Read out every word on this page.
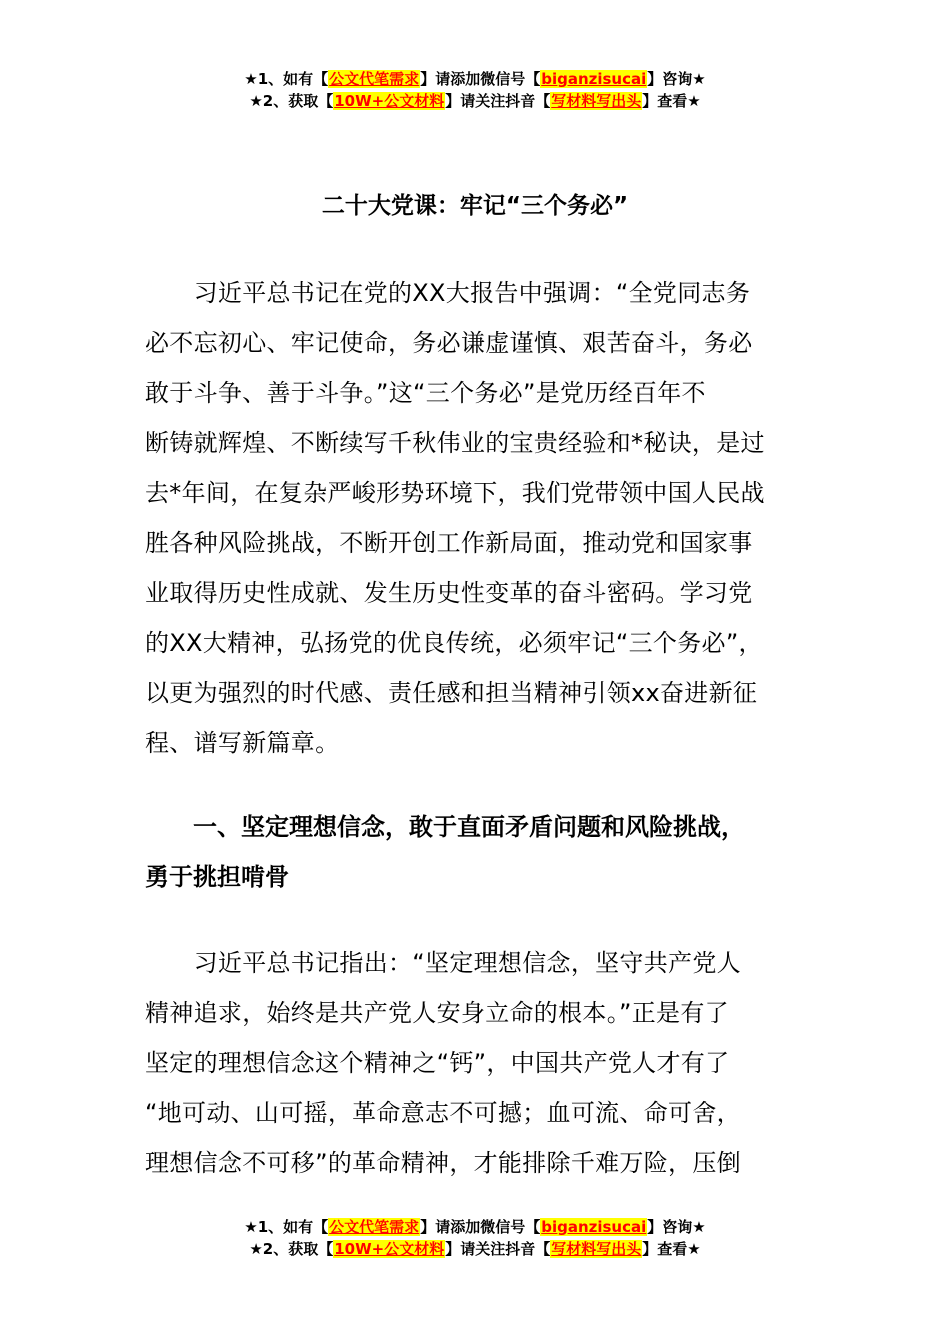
★1、如有【公文代笔需求】请添加微信号【biganzisucai】咨询★
★2、获取【10W+公文材料】请关注抖音【写材料写出头】查看★
二十大党课：牢记“三个务必”
　　习近平总书记在党的XX大报告中强调：“全党同志务
必不忘初心、牢记使命，务必谦虚谨慎、艰苦奋斗，务必
敢于斗争、善于斗争。”这“三个务必”是党历经百年不
断铸就辉煌、不断续写千秋伟业的宝贵经验和*秘诀，是过
去*年间，在复杂严峻形势环境下，我们党带领中国人民战
胜各种风险挑战，不断开创工作新局面，推动党和国家事
业取得历史性成就、发生历史性变革的奋斗密码。学习党
的XX大精神，弘扬党的优良传统，必须牢记“三个务必”，
以更为强烈的时代感、责任感和担当精神引领xx奋进新征
程、谱写新篇章。
　　一、坚定理想信念，敢于直面矛盾问题和风险挑战，
勇于挑担啃骨
　　习近平总书记指出：“坚定理想信念，坚守共产党人
精神追求，始终是共产党人安身立命的根本。”正是有了
坚定的理想信念这个精神之“钙”，中国共产党人才有了
“地可动、山可摇，革命意志不可撼；血可流、命可舍，
理想信念不可移”的革命精神，才能排除千难万险，压倒
★1、如有【公文代笔需求】请添加微信号【biganzisucai】咨询★
★2、获取【10W+公文材料】请关注抖音【写材料写出头】查看★
